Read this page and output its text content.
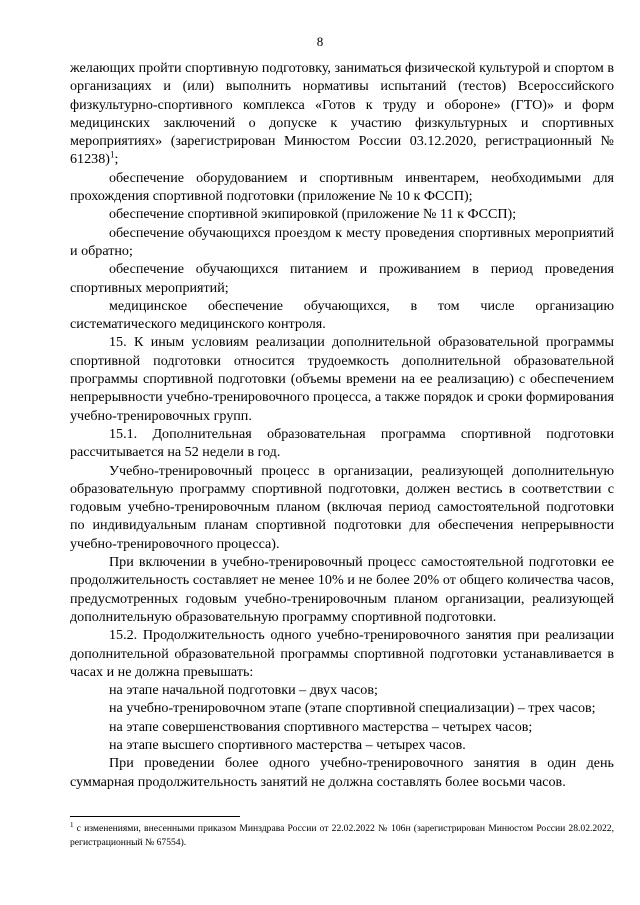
8

желающих пройти спортивную подготовку, заниматься физической культурой и спортом в организациях и (или) выполнить нормативы испытаний (тестов) Всероссийского физкультурно-спортивного комплекса «Готов к труду и обороне» (ГТО)» и форм медицинских заключений о допуске к участию физкультурных и спортивных мероприятиях» (зарегистрирован Минюстом России 03.12.2020, регистрационный № 61238)$^1$;

обеспечение оборудованием и спортивным инвентарем, необходимыми для прохождения спортивной подготовки (приложение № 10 к ФССП);

обеспечение спортивной экипировкой (приложение № 11 к ФССП);

обеспечение обучающихся проездом к месту проведения спортивных мероприятий и обратно;

обеспечение обучающихся питанием и проживанием в период проведения спортивных мероприятий;

медицинское обеспечение обучающихся, в том числе организацию систематического медицинского контроля.

15. К иным условиям реализации дополнительной образовательной программы спортивной подготовки относится трудоемкость дополнительной образовательной программы спортивной подготовки (объемы времени на ее реализацию) с обеспечением непрерывности учебно-тренировочного процесса, а также порядок и сроки формирования учебно-тренировочных групп.

15.1. Дополнительная образовательная программа спортивной подготовки рассчитывается на 52 недели в год.

Учебно-тренировочный процесс в организации, реализующей дополнительную образовательную программу спортивной подготовки, должен вестись в соответствии с годовым учебно-тренировочным планом (включая период самостоятельной подготовки по индивидуальным планам спортивной подготовки для обеспечения непрерывности учебно-тренировочного процесса).

При включении в учебно-тренировочный процесс самостоятельной подготовки ее продолжительность составляет не менее 10% и не более 20% от общего количества часов, предусмотренных годовым учебно-тренировочным планом организации, реализующей дополнительную образовательную программу спортивной подготовки.

15.2. Продолжительность одного учебно-тренировочного занятия при реализации дополнительной образовательной программы спортивной подготовки устанавливается в часах и не должна превышать:

на этапе начальной подготовки – двух часов;

на учебно-тренировочном этапе (этапе спортивной специализации) – трех часов;

на этапе совершенствования спортивного мастерства – четырех часов;

на этапе высшего спортивного мастерства – четырех часов.

При проведении более одного учебно-тренировочного занятия в один день суммарная продолжительность занятий не должна составлять более восьми часов.

$^1$ с изменениями, внесенными приказом Минздрава России от 22.02.2022 № 106н (зарегистрирован Минюстом России 28.02.2022, регистрационный № 67554).
